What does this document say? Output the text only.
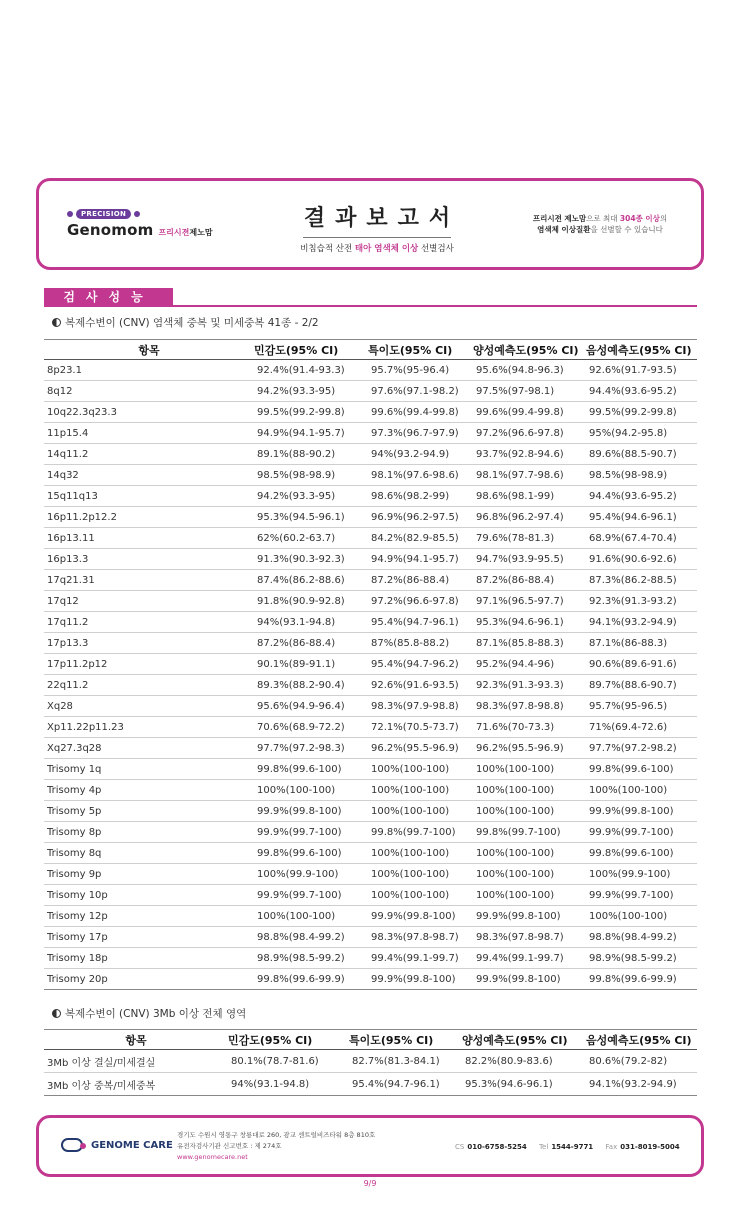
PRECISION
Genomom 프리시젼제노맘
결과보고서
비침습적 산전 태아 염색체 이상 선별검사
프리시젼 제노맘으로 최대 304종 이상의
염색체 이상질환을 선별할 수 있습니다
검사성능
복제수변이 (CNV) 염색체 중복 및 미세중복 41종 - 2/2
항목	민감도(95% CI)	특이도(95% CI)	양성예측도(95% CI)	음성예측도(95% CI)
8p23.1	92.4%(91.4-93.3)	95.7%(95-96.4)	95.6%(94.8-96.3)	92.6%(91.7-93.5)
8q12	94.2%(93.3-95)	97.6%(97.1-98.2)	97.5%(97-98.1)	94.4%(93.6-95.2)
10q22.3q23.3	99.5%(99.2-99.8)	99.6%(99.4-99.8)	99.6%(99.4-99.8)	99.5%(99.2-99.8)
11p15.4	94.9%(94.1-95.7)	97.3%(96.7-97.9)	97.2%(96.6-97.8)	95%(94.2-95.8)
14q11.2	89.1%(88-90.2)	94%(93.2-94.9)	93.7%(92.8-94.6)	89.6%(88.5-90.7)
14q32	98.5%(98-98.9)	98.1%(97.6-98.6)	98.1%(97.7-98.6)	98.5%(98-98.9)
15q11q13	94.2%(93.3-95)	98.6%(98.2-99)	98.6%(98.1-99)	94.4%(93.6-95.2)
16p11.2p12.2	95.3%(94.5-96.1)	96.9%(96.2-97.5)	96.8%(96.2-97.4)	95.4%(94.6-96.1)
16p13.11	62%(60.2-63.7)	84.2%(82.9-85.5)	79.6%(78-81.3)	68.9%(67.4-70.4)
16p13.3	91.3%(90.3-92.3)	94.9%(94.1-95.7)	94.7%(93.9-95.5)	91.6%(90.6-92.6)
17q21.31	87.4%(86.2-88.6)	87.2%(86-88.4)	87.2%(86-88.4)	87.3%(86.2-88.5)
17q12	91.8%(90.9-92.8)	97.2%(96.6-97.8)	97.1%(96.5-97.7)	92.3%(91.3-93.2)
17q11.2	94%(93.1-94.8)	95.4%(94.7-96.1)	95.3%(94.6-96.1)	94.1%(93.2-94.9)
17p13.3	87.2%(86-88.4)	87%(85.8-88.2)	87.1%(85.8-88.3)	87.1%(86-88.3)
17p11.2p12	90.1%(89-91.1)	95.4%(94.7-96.2)	95.2%(94.4-96)	90.6%(89.6-91.6)
22q11.2	89.3%(88.2-90.4)	92.6%(91.6-93.5)	92.3%(91.3-93.3)	89.7%(88.6-90.7)
Xq28	95.6%(94.9-96.4)	98.3%(97.9-98.8)	98.3%(97.8-98.8)	95.7%(95-96.5)
Xp11.22p11.23	70.6%(68.9-72.2)	72.1%(70.5-73.7)	71.6%(70-73.3)	71%(69.4-72.6)
Xq27.3q28	97.7%(97.2-98.3)	96.2%(95.5-96.9)	96.2%(95.5-96.9)	97.7%(97.2-98.2)
Trisomy 1q	99.8%(99.6-100)	100%(100-100)	100%(100-100)	99.8%(99.6-100)
Trisomy 4p	100%(100-100)	100%(100-100)	100%(100-100)	100%(100-100)
Trisomy 5p	99.9%(99.8-100)	100%(100-100)	100%(100-100)	99.9%(99.8-100)
Trisomy 8p	99.9%(99.7-100)	99.8%(99.7-100)	99.8%(99.7-100)	99.9%(99.7-100)
Trisomy 8q	99.8%(99.6-100)	100%(100-100)	100%(100-100)	99.8%(99.6-100)
Trisomy 9p	100%(99.9-100)	100%(100-100)	100%(100-100)	100%(99.9-100)
Trisomy 10p	99.9%(99.7-100)	100%(100-100)	100%(100-100)	99.9%(99.7-100)
Trisomy 12p	100%(100-100)	99.9%(99.8-100)	99.9%(99.8-100)	100%(100-100)
Trisomy 17p	98.8%(98.4-99.2)	98.3%(97.8-98.7)	98.3%(97.8-98.7)	98.8%(98.4-99.2)
Trisomy 18p	98.9%(98.5-99.2)	99.4%(99.1-99.7)	99.4%(99.1-99.7)	98.9%(98.5-99.2)
Trisomy 20p	99.8%(99.6-99.9)	99.9%(99.8-100)	99.9%(99.8-100)	99.8%(99.6-99.9)
복제수변이 (CNV) 3Mb 이상 전체 영역
항목	민감도(95% CI)	특이도(95% CI)	양성예측도(95% CI)	음성예측도(95% CI)
3Mb 이상 결실/미세결실	80.1%(78.7-81.6)	82.7%(81.3-84.1)	82.2%(80.9-83.6)	80.6%(79.2-82)
3Mb 이상 중복/미세중복	94%(93.1-94.8)	95.4%(94.7-96.1)	95.3%(94.6-96.1)	94.1%(93.2-94.9)
GENOME CARE
경기도 수원시 영통구 창룡대로 260, 광교 센트럴비즈타워 8층 810호
유전자검사기관 신고번호 : 제 274호
www.genomecare.net
CS 010-6758-5254 Tel 1544-9771 Fax 031-8019-5004
9/9
